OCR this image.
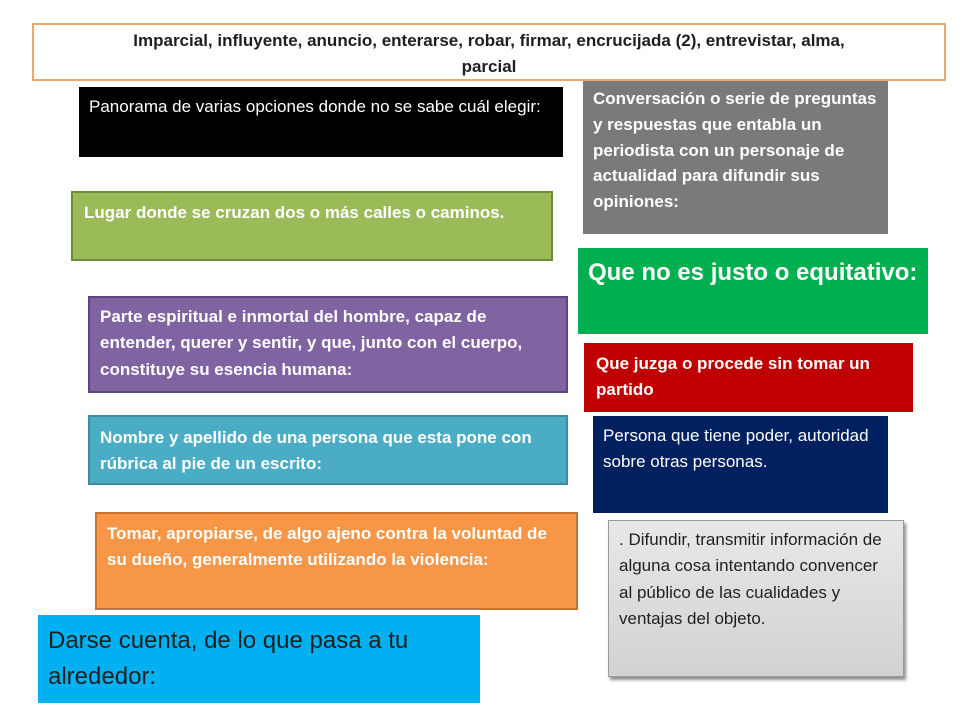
Imparcial, influyente, anuncio, enterarse, robar, firmar, encrucijada (2), entrevistar, alma,
parcial
Panorama de varias opciones donde no se sabe cuál elegir:	Conversación o serie de preguntas y respuestas que entabla un periodista con un personaje de actualidad para difundir sus opiniones:
Lugar donde se cruzan dos o más calles o caminos.
Que no es justo o equitativo:
Parte espiritual e inmortal del hombre, capaz de entender, querer y sentir, y que, junto con el cuerpo, constituye su esencia humana:	Que juzga o procede sin tomar un partido
Nombre y apellido de una persona que esta pone con rúbrica al pie de un escrito:
Persona que tiene poder, autoridad sobre otras personas.
Tomar, apropiarse, de algo ajeno contra la voluntad de su dueño, generalmente utilizando la violencia:
. Difundir, transmitir información de alguna cosa intentando convencer al público de las cualidades y ventajas del objeto.
Darse cuenta, de lo que pasa a tu alrededor:
